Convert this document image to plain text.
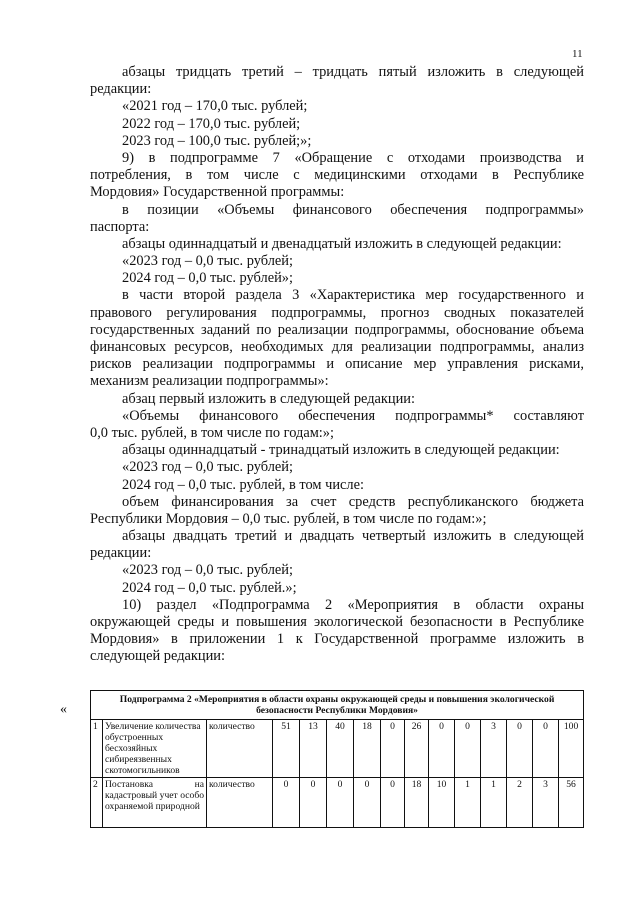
11
абзацы тридцать третий – тридцать пятый изложить в следующей
редакции:
«2021 год – 170,0 тыс. рублей;
2022 год – 170,0 тыс. рублей;
2023 год – 100,0 тыс. рублей;»;
9) в подпрограмме 7 «Обращение с отходами производства и
потребления, в том числе с медицинскими отходами в Республике
Мордовия» Государственной программы:
в позиции «Объемы финансового обеспечения подпрограммы»
паспорта:
абзацы одиннадцатый и двенадцатый изложить в следующей редакции:
«2023 год – 0,0 тыс. рублей;
2024 год – 0,0 тыс. рублей»;
в части второй раздела 3 «Характеристика мер государственного и
правового регулирования подпрограммы, прогноз сводных показателей
государственных заданий по реализации подпрограммы, обоснование объема
финансовых ресурсов, необходимых для реализации подпрограммы, анализ
рисков реализации подпрограммы и описание мер управления рисками,
механизм реализации подпрограммы»:
абзац первый изложить в следующей редакции:
«Объемы финансового обеспечения подпрограммы* составляют
0,0 тыс. рублей, в том числе по годам:»;
абзацы одиннадцатый - тринадцатый изложить в следующей редакции:
«2023 год – 0,0 тыс. рублей;
2024 год – 0,0 тыс. рублей, в том числе:
объем финансирования за счет средств республиканского бюджета
Республики Мордовия – 0,0 тыс. рублей, в том числе по годам:»;
абзацы двадцать третий и двадцать четвертый изложить в следующей
редакции:
«2023 год – 0,0 тыс. рублей;
2024 год – 0,0 тыс. рублей.»;
10) раздел «Подпрограмма 2 «Мероприятия в области охраны
окружающей среды и повышения экологической безопасности в Республике
Мордовия» в приложении 1 к Государственной программе изложить в
следующей редакции:
«
Подпрограмма 2 «Мероприятия в области охраны окружающей среды и повышения экологической безопасности Республики Мордовия»														
1	Увеличение количества обустроенных бесхозяйных сибиреязвенных скотомогильников	количество	51	13	40	18	0	26	0	0	3	0	0	100
2	Постановка на кадастровый учет особо охраняемой природной	количество	0	0	0	0	0	18	10	1	1	2	3	56
